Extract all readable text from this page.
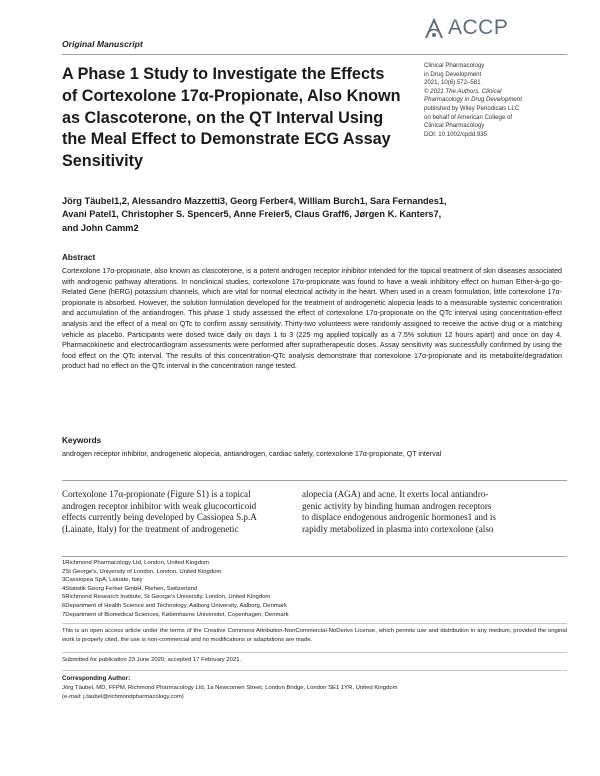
ACCP
Original Manuscript
A Phase 1 Study to Investigate the Effects of Cortexolone 17α-Propionate, Also Known as Clascoterone, on the QT Interval Using the Meal Effect to Demonstrate ECG Assay Sensitivity
Clinical Pharmacology
in Drug Development
2021, 10(6) 572–581
© 2021 The Authors. Clinical
Pharmacology in Drug Development
published by Wiley Periodicals LLC
on behalf of American College of
Clinical Pharmacology
DOI: 10.1002/cpdd.935
Jörg Täubel1,2, Alessandro Mazzetti3, Georg Ferber4, William Burch1, Sara Fernandes1,
Avani Patel1, Christopher S. Spencer5, Anne Freier5, Claus Graff6, Jørgen K. Kanters7,
and John Camm2
Abstract
Cortexolone 17α-propionate, also known as clascoterone, is a potent androgen receptor inhibitor intended for the topical treatment of skin diseases associated with androgenic pathway alterations. In nonclinical studies, cortexolone 17α-propionate was found to have a weak inhibitory effect on human Ether-à-go-go-Related Gene (hERG) potassium channels, which are vital for normal electrical activity in the heart. When used in a cream formulation, little cortexolone 17α-propionate is absorbed. However, the solution formulation developed for the treatment of androgenetic alopecia leads to a measurable systemic concentration and accumulation of the antiandrogen. This phase 1 study assessed the effect of cortexolone 17α-propionate on the QTc interval using concentration-effect analysis and the effect of a meal on QTc to confirm assay sensitivity. Thirty-two volunteers were randomly assigned to receive the active drug or a matching vehicle as placebo. Participants were dosed twice daily on days 1 to 3 (225 mg applied topically as a 7.5% solution 12 hours apart) and once on day 4. Pharmacokinetic and electrocardiogram assessments were performed after supratherapeutic doses. Assay sensitivity was successfully confirmed by using the food effect on the QTc interval. The results of this concentration-QTc analysis demonstrate that cortexolone 17α-propionate and its metabolite/degradation product had no effect on the QTc interval in the concentration range tested.
Keywords
androgen receptor inhibitor, androgenetic alopecia, antiandrogen, cardiac safety, cortexolone 17α-propionate, QT interval
Cortexolone 17α-propionate (Figure S1) is a topical
androgen receptor inhibitor with weak glucocorticoid
effects currently being developed by Cassiopea S.p.A
(Lainate, Italy) for the treatment of androgenetic
alopecia (AGA) and acne. It exerts local antiandro-
genic activity by binding human androgen receptors
to displace endogenous androgenic hormones1 and is
rapidly metabolized in plasma into cortexolone (also
1Richmond Pharmacology Ltd, London, United Kingdom
2St George's, University of London, London, United Kingdom
3Cassiopea SpA, Lainate, Italy
4Statistik Georg Ferber GmbH, Riehen, Switzerland
5Richmond Research Institute, St George's University, London, United Kingdom
6Department of Health Science and Technology, Aalborg University, Aalborg, Denmark
7Department of Biomedical Sciences, Københavns Universitet, Copenhagen, Denmark
This is an open access article under the terms of the Creative Commons Attribution-NonCommercial-NoDerivs License, which permits use and distribution in any medium, provided the original work is properly cited, the use is non-commercial and no modifications or adaptations are made.
Submitted for publication 23 June 2020; accepted 17 February 2021.
Corresponding Author:
Jörg Täubel, MD, FFPM, Richmond Pharmacology Ltd, 1a Newcomen Street, London Bridge, London SE1 1YR, United Kingdom
(e-mail: j.taubel@richmondpharmacology.com)
